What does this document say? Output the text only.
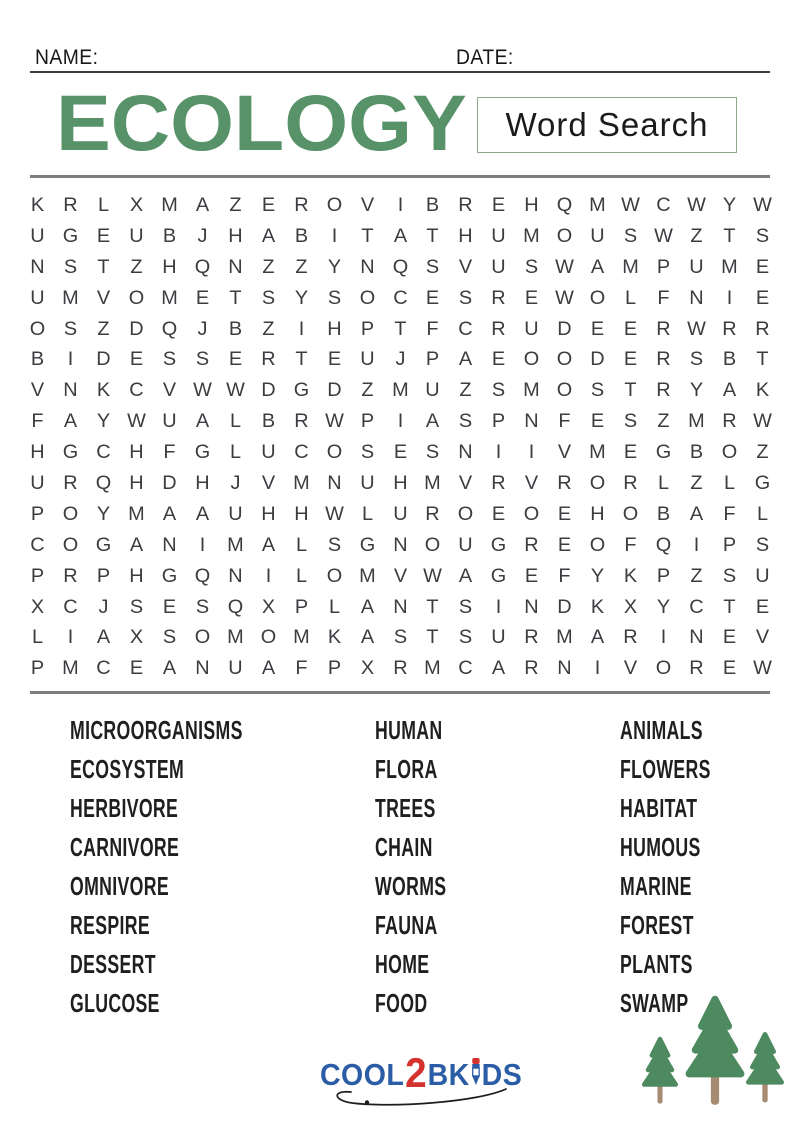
NAME:	DATE:
ECOLOGY Word Search
K R	L	X M A	Z	E R O V	I	B R E H Q M W C W Y W
U G E U B	J	H A	B	I	T	A	T	H U M O U S W Z	T	S
N S	T	Z	H Q N	Z	Z	Y N Q S	V U S W A M P U M E
U M V O M E	T	S	Y	S O C E	S R E W O	L	F	N	I	E
O S	Z	D Q	J	B	Z	I	H P	T	F	C R U D E	E R W R R
B	I	D E	S	S	E R	T	E U	J	P	A	E O O D E R S	B	T
V N K C V W W D G D	Z M U	Z	S M O S	T	R Y	A	K
F	A	Y W U A	L	B R W P	I	A	S	P N	F	E	S	Z M R W
H G C H	F G	L	U C O S	E	S N	I	I	V M E G B O Z
U R Q H D H	J	V M N U H M V R V R O R	L	Z	L	G
P O Y M A	A U H H W L	U R O E O E H O B	A	F	L
C O G A N	I	M A	L	S G N O U G R E O F Q	I	P	S
P R P H G Q N	I	L	O M V W A G E	F	Y	K	P	Z	S U
X C	J	S	E	S Q X	P	L	A N	T	S	I	N D K	X	Y C	T	E
L	I	A	X	S O M O M K	A	S	T	S U R M A R	I	N E	V
P M C E	A N U A	F	P	X R M C A R N	I	V O R E W
MICROORGANISMS
ECOSYSTEM
HERBIVORE
CARNIVORE
OMNIVORE
RESPIRE
DESSERT
GLUCOSE
HUMAN
FLORA
TREES
CHAIN
WORMS
FAUNA
HOME
FOOD
ANIMALS
FLOWERS
HABITAT
HUMOUS
MARINE
FOREST
PLANTS
SWAMP
COOL 2 BK DS
